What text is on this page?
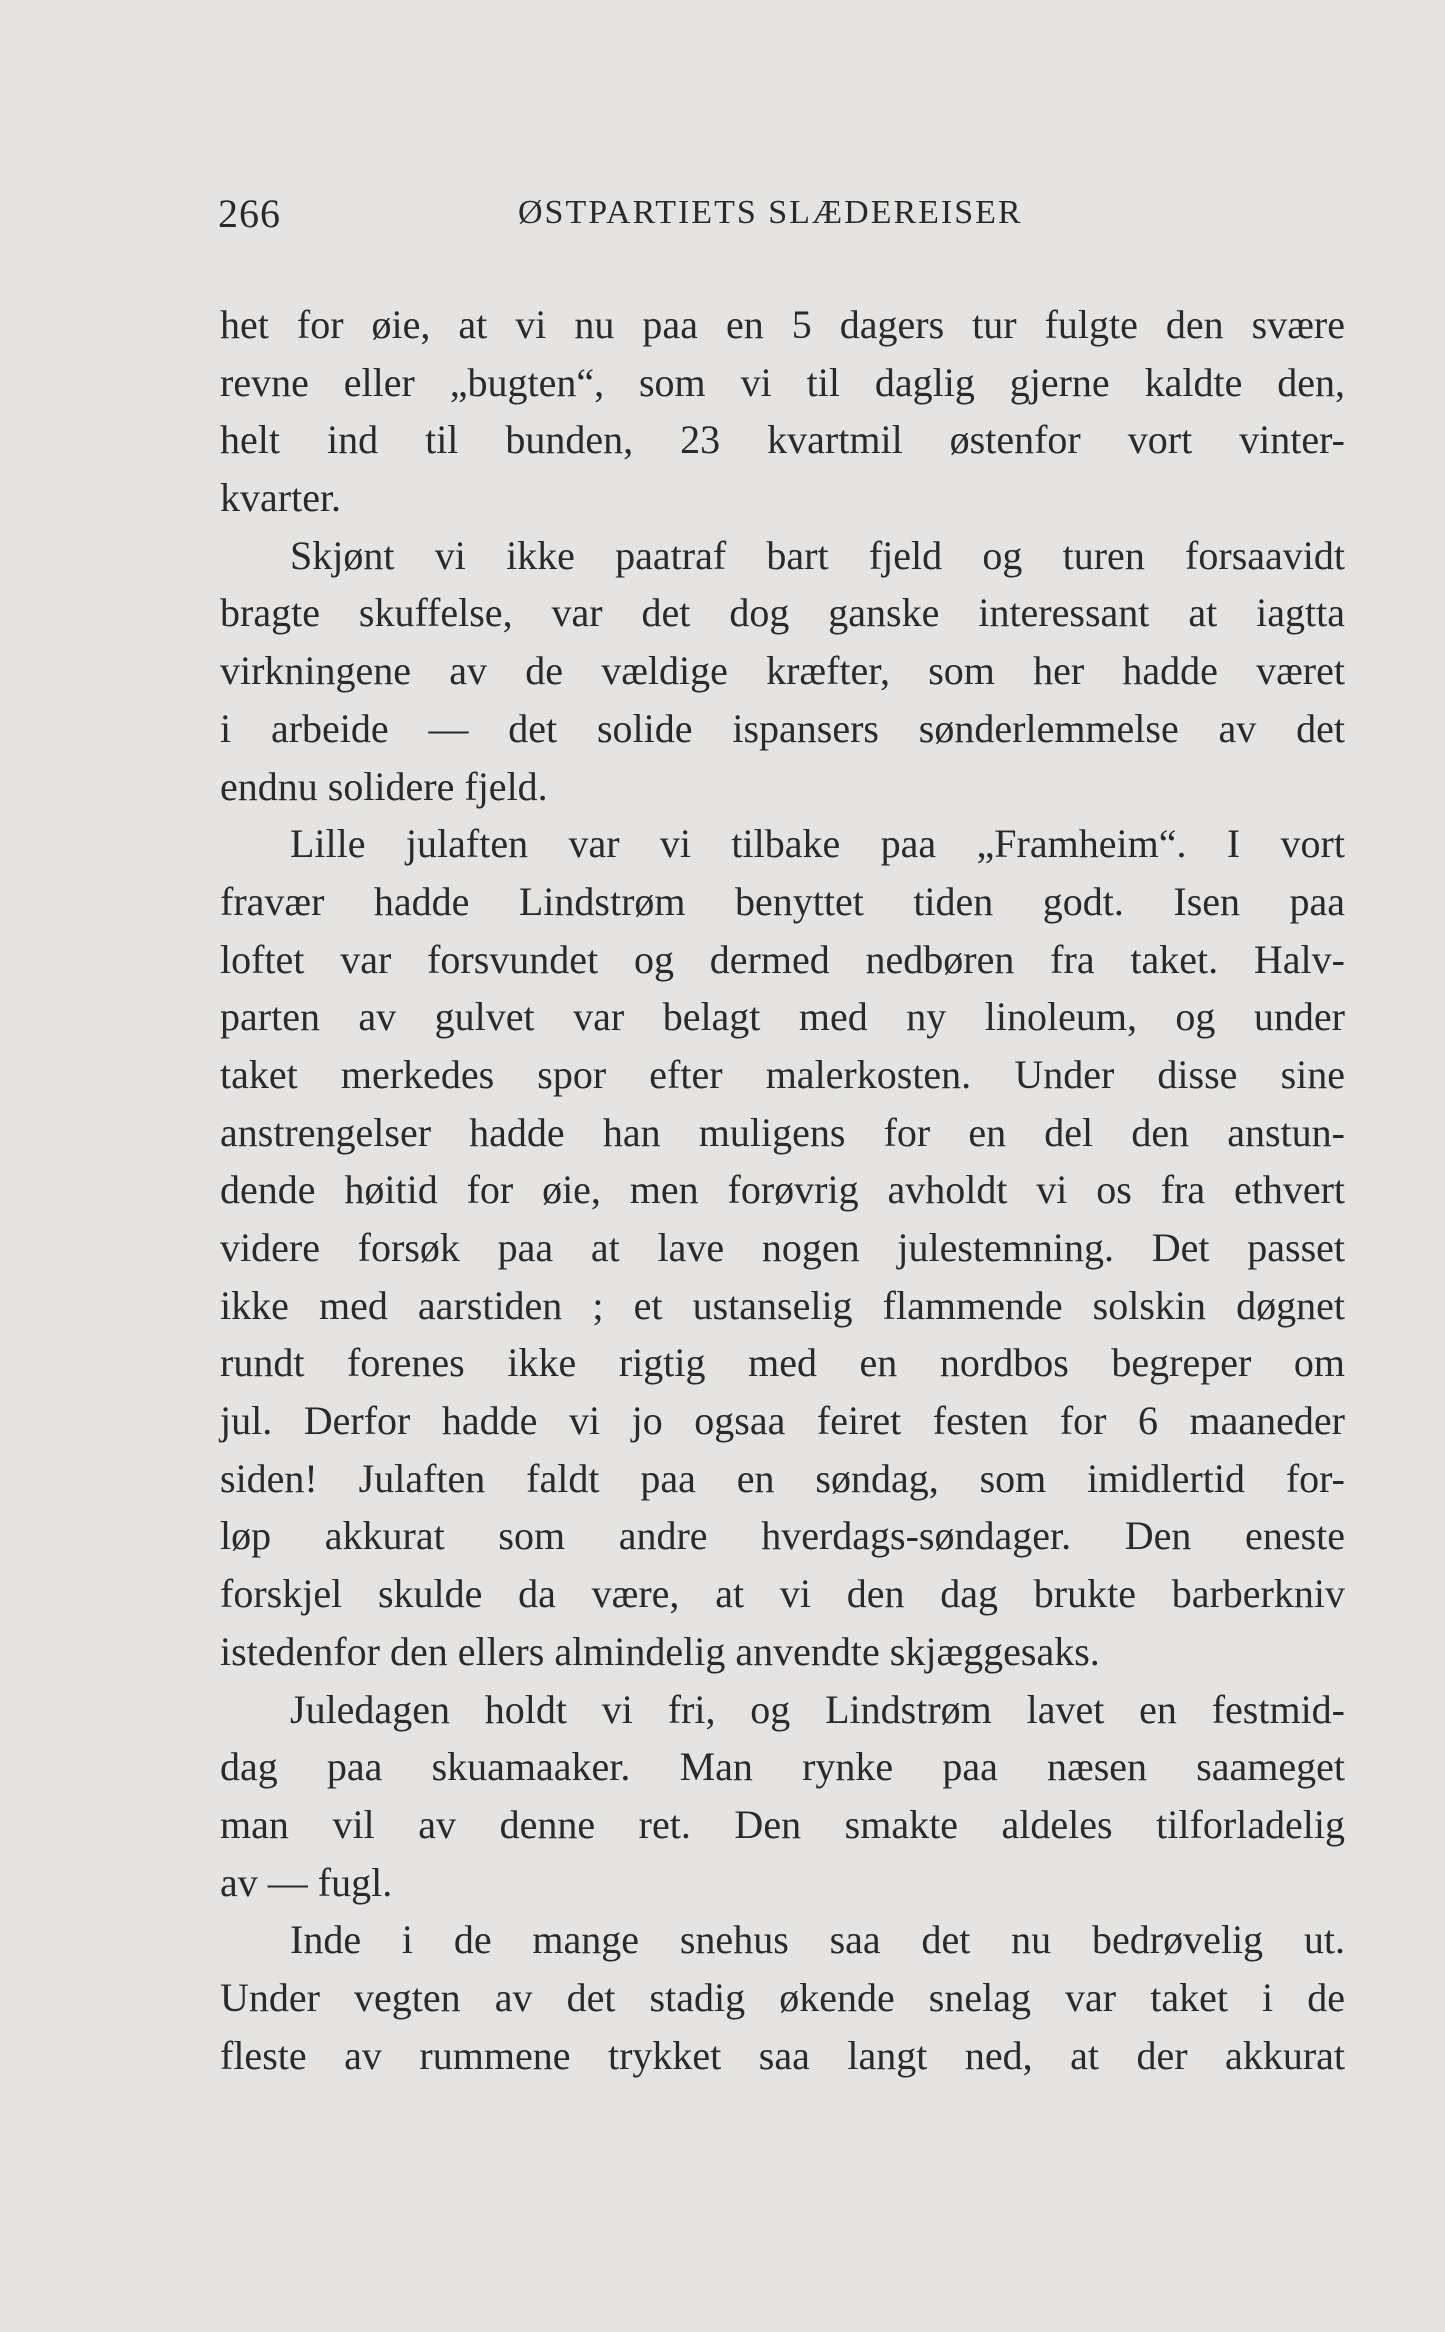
266	ØSTPARTIETS SLÆDEREISER
het for øie, at vi nu paa en 5 dagers tur fulgte den svære
revne eller „bugten“, som vi til daglig gjerne kaldte den,
helt ind til bunden, 23 kvartmil østenfor vort vinter-
kvarter.
Skjønt vi ikke paatraf bart fjeld og turen forsaavidt
bragte skuffelse, var det dog ganske interessant at iagtta
virkningene av de vældige kræfter, som her hadde været
i arbeide — det solide ispansers sønderlemmelse av det
endnu solidere fjeld.
Lille julaften var vi tilbake paa „Framheim“. I vort
fravær hadde Lindstrøm benyttet tiden godt. Isen paa
loftet var forsvundet og dermed nedbøren fra taket. Halv-
parten av gulvet var belagt med ny linoleum, og under
taket merkedes spor efter malerkosten. Under disse sine
anstrengelser hadde han muligens for en del den anstun-
dende høitid for øie, men forøvrig avholdt vi os fra ethvert
videre forsøk paa at lave nogen julestemning. Det passet
ikke med aarstiden ; et ustanselig flammende solskin døgnet
rundt forenes ikke rigtig med en nordbos begreper om
jul. Derfor hadde vi jo ogsaa feiret festen for 6 maaneder
siden! Julaften faldt paa en søndag, som imidlertid for-
løp akkurat som andre hverdags-søndager. Den eneste
forskjel skulde da være, at vi den dag brukte barberkniv
istedenfor den ellers almindelig anvendte skjæggesaks.
Juledagen holdt vi fri, og Lindstrøm lavet en festmid-
dag paa skuamaaker. Man rynke paa næsen saameget
man vil av denne ret. Den smakte aldeles tilforladelig
av — fugl.
Inde i de mange snehus saa det nu bedrøvelig ut.
Under vegten av det stadig økende snelag var taket i de
fleste av rummene trykket saa langt ned, at der akkurat
